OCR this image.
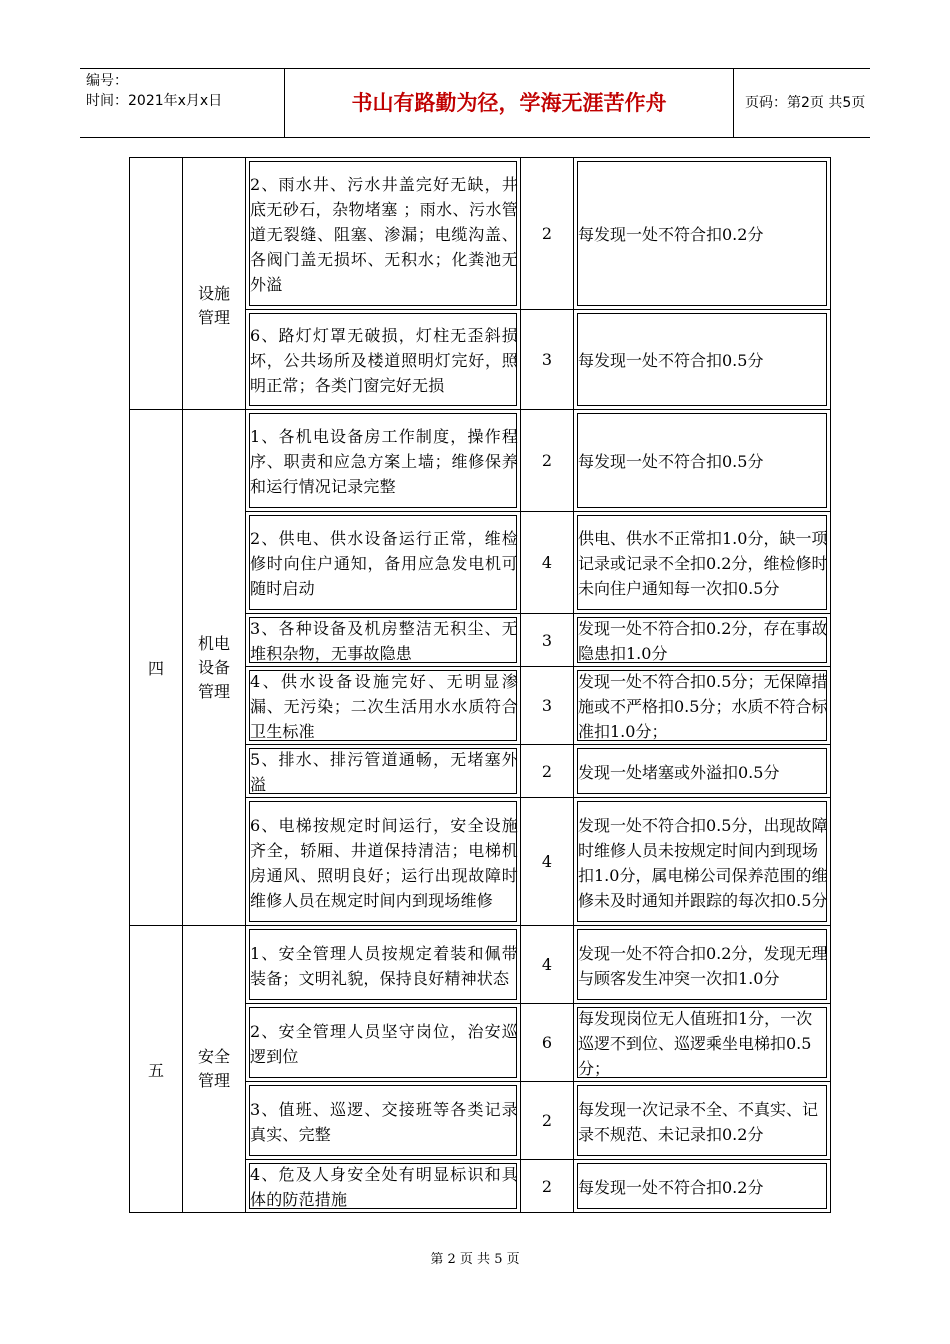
编号：
时间：2021年x月x日	书山有路勤为径，学海无涯苦作舟	页码：第2页 共5页
	设施管理	2、雨水井、污水井盖完好无缺，井底无砂石，杂物堵塞 ；雨水、污水管道无裂缝、阻塞、渗漏；电缆沟盖、各阀门盖无损坏、无积水；化粪池无外溢	2	每发现一处不符合扣0.2分
		6、路灯灯罩无破损，灯柱无歪斜损坏，公共场所及楼道照明灯完好，照明正常；各类门窗完好无损	3	每发现一处不符合扣0.5分
四	机电设备管理	1、各机电设备房工作制度，操作程序、职责和应急方案上墙；维修保养和运行情况记录完整	2	每发现一处不符合扣0.5分
		2、供电、供水设备运行正常，维检修时向住户通知，备用应急发电机可随时启动	4	供电、供水不正常扣1.0分，缺一项记录或记录不全扣0.2分，维检修时未向住户通知每一次扣0.5分
		3、各种设备及机房整洁无积尘、无堆积杂物，无事故隐患	3	发现一处不符合扣0.2分，存在事故隐患扣1.0分
		4、供水设备设施完好、无明显渗漏、无污染；二次生活用水水质符合卫生标准	3	发现一处不符合扣0.5分；无保障措施或不严格扣0.5分；水质不符合标准扣1.0分；
		5、排水、排污管道通畅，无堵塞外溢	2	发现一处堵塞或外溢扣0.5分
		6、电梯按规定时间运行，安全设施齐全，轿厢、井道保持清洁；电梯机房通风、照明良好；运行出现故障时维修人员在规定时间内到现场维修	4	发现一处不符合扣0.5分，出现故障时维修人员未按规定时间内到现场扣1.0分，属电梯公司保养范围的维修未及时通知并跟踪的每次扣0.5分
五	安全管理	1、安全管理人员按规定着装和佩带装备；文明礼貌，保持良好精神状态	4	发现一处不符合扣0.2分，发现无理与顾客发生冲突一次扣1.0分
		2、安全管理人员坚守岗位，治安巡逻到位	6	每发现岗位无人值班扣1分，一次巡逻不到位、巡逻乘坐电梯扣0.5分；
		3、值班、巡逻、交接班等各类记录真实、完整	2	每发现一次记录不全、不真实、记录不规范、未记录扣0.2分
		4、危及人身安全处有明显标识和具体的防范措施	2	每发现一处不符合扣0.2分
第 2 页 共 5 页
